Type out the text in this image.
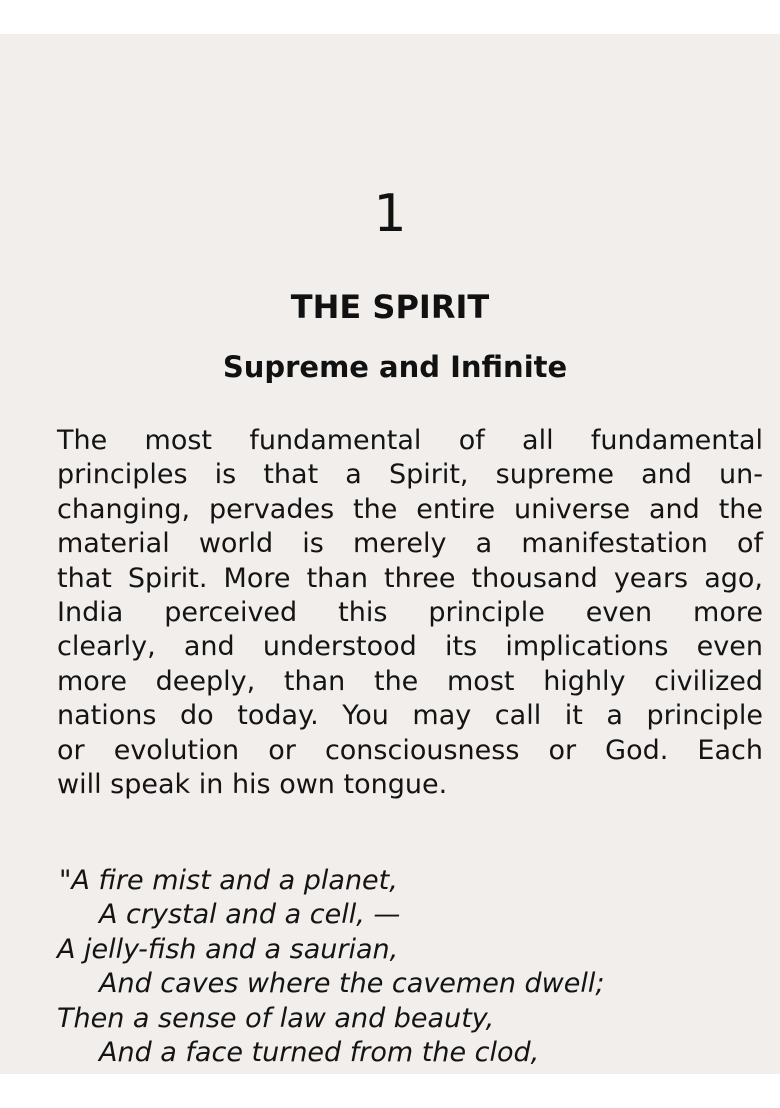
1
THE SPIRIT
Supreme and Infinite
The most fundamental of all fundamental
principles is that a Spirit, supreme and un-
changing, pervades the entire universe and the
material world is merely a manifestation of
that Spirit. More than three thousand years ago,
India perceived this principle even more
clearly, and understood its implications even
more deeply, than the most highly civilized
nations do today. You may call it a principle
or evolution or consciousness or God. Each
will speak in his own tongue.
"A fire mist and a planet,
A crystal and a cell, —
A jelly-fish and a saurian,
And caves where the cavemen dwell;
Then a sense of law and beauty,
And a face turned from the clod,
